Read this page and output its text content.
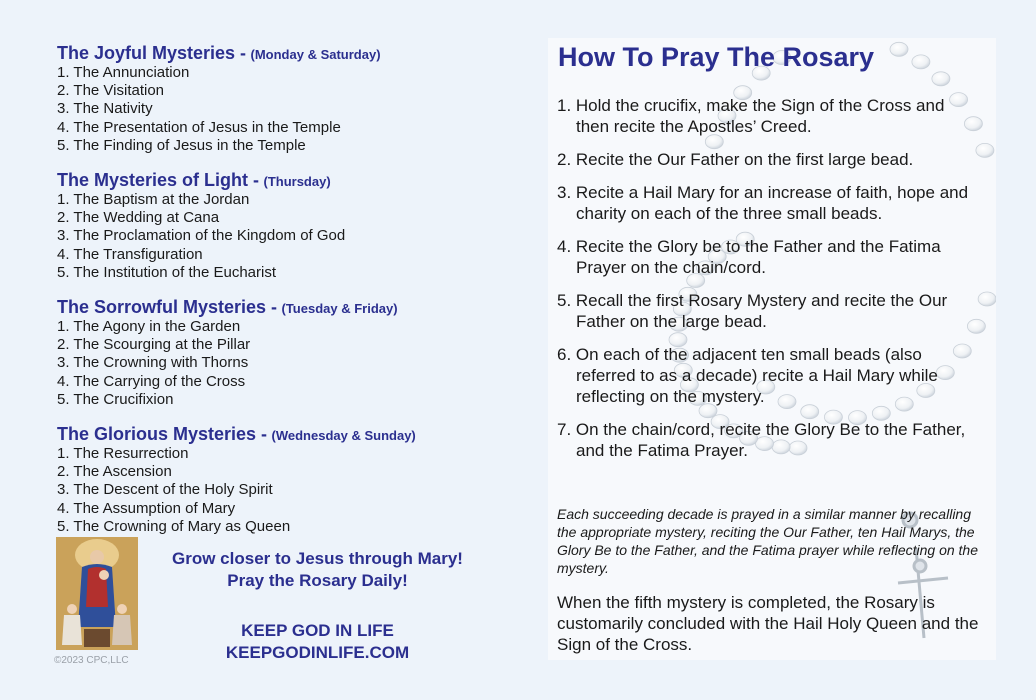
The Joyful Mysteries - (Monday & Saturday)
1. The Annunciation
2. The Visitation
3. The Nativity
4. The Presentation of Jesus in the Temple
5. The Finding of Jesus in the Temple
The Mysteries of Light - (Thursday)
1. The Baptism at the Jordan
2. The Wedding at Cana
3. The Proclamation of the Kingdom of God
4. The Transfiguration
5. The Institution of the Eucharist
The Sorrowful Mysteries - (Tuesday & Friday)
1. The Agony in the Garden
2. The Scourging at the Pillar
3. The Crowning with Thorns
4. The Carrying of the Cross
5. The Crucifixion
The Glorious Mysteries - (Wednesday & Sunday)
1. The Resurrection
2. The Ascension
3. The Descent of the Holy Spirit
4. The Assumption of Mary
5. The Crowning of Mary as Queen
©2023 CPC,LLC
Grow closer to Jesus through Mary!
Pray the Rosary Daily!
KEEP GOD IN LIFE
KEEPGODINLIFE.COM
How To Pray The Rosary
1. Hold the crucifix, make the Sign of the Cross and then recite the Apostles’ Creed.
2. Recite the Our Father on the first large bead.
3. Recite a Hail Mary for an increase of faith, hope and charity on each of the three small beads.
4. Recite the Glory be to the Father and the Fatima Prayer on the chain/cord.
5. Recall the first Rosary Mystery and recite the Our Father on the large bead.
6. On each of the adjacent ten small beads (also referred to as a decade) recite a Hail Mary while reflecting on the mystery.
7. On the chain/cord, recite the Glory Be to the Father, and the Fatima Prayer.
Each succeeding decade is prayed in a similar manner by recalling the appropriate mystery, reciting the Our Father, ten Hail Marys, the Glory Be to the Father, and the Fatima prayer while reflecting on the mystery.
When the fifth mystery is completed, the Rosary is customarily concluded with the Hail Holy Queen and the Sign of the Cross.
